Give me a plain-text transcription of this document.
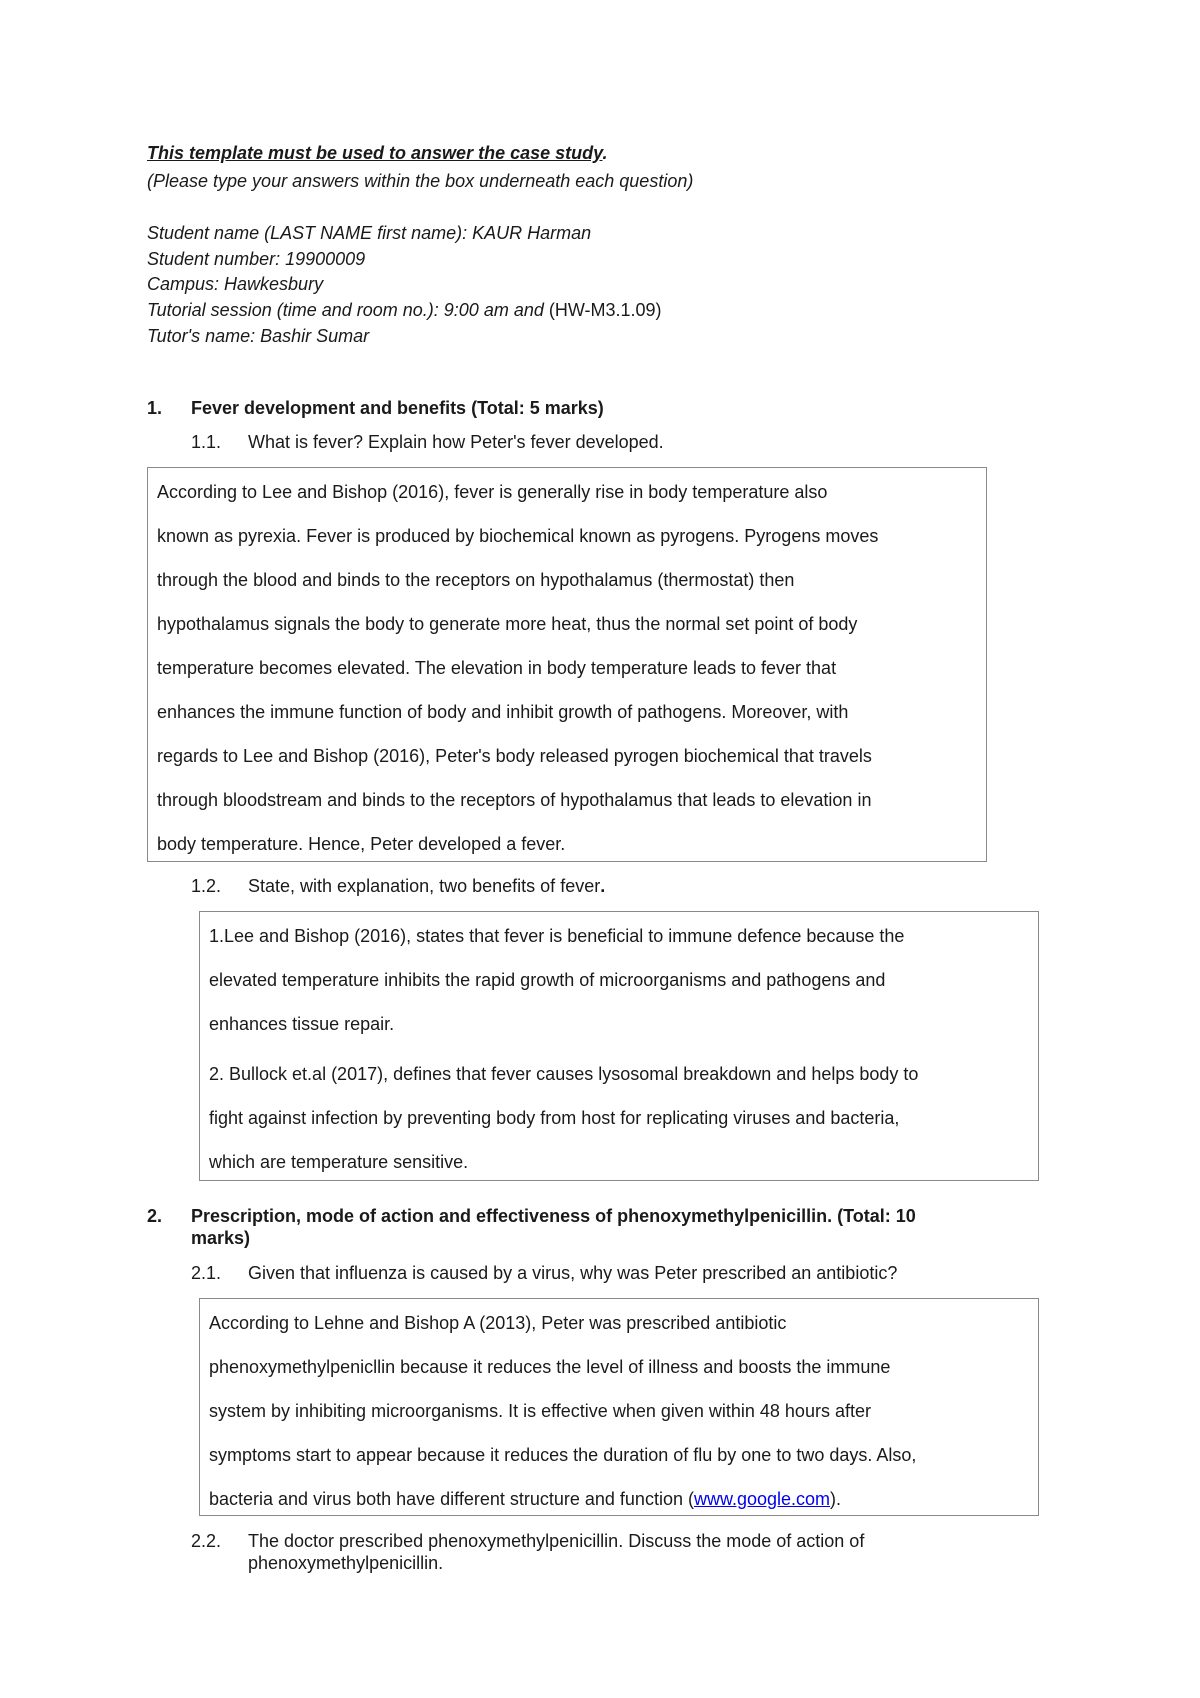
This template must be used to answer the case study.
(Please type your answers within the box underneath each question)
Student name (LAST NAME first name): KAUR Harman
Student number: 19900009
Campus: Hawkesbury
Tutorial session (time and room no.): 9:00 am and (HW-M3.1.09)
Tutor's name: Bashir Sumar
1. Fever development and benefits (Total: 5 marks)
1.1. What is fever? Explain how Peter's fever developed.

According to Lee and Bishop (2016), fever is generally rise in body temperature also

known as pyrexia. Fever is produced by biochemical known as pyrogens. Pyrogens moves

through the blood and binds to the receptors on hypothalamus (thermostat) then

hypothalamus signals the body to generate more heat, thus the normal set point of body

temperature becomes elevated. The elevation in body temperature leads to fever that

enhances the immune function of body and inhibit growth of pathogens. Moreover, with

regards to Lee and Bishop (2016), Peter's body released pyrogen biochemical that travels

through bloodstream and binds to the receptors of hypothalamus that leads to elevation in

body temperature. Hence, Peter developed a fever.

1.2. State, with explanation, two benefits of fever.

1.Lee and Bishop (2016), states that fever is beneficial to immune defence because the

elevated temperature inhibits the rapid growth of microorganisms and pathogens and

enhances tissue repair.

2. Bullock et.al (2017), defines that fever causes lysosomal breakdown and helps body to

fight against infection by preventing body from host for replicating viruses and bacteria,

which are temperature sensitive.

2. Prescription, mode of action and effectiveness of phenoxymethylpenicillin. (Total: 10
marks)
2.1. Given that influenza is caused by a virus, why was Peter prescribed an antibiotic?

According to Lehne and Bishop A (2013), Peter was prescribed antibiotic

phenoxymethylpenicllin because it reduces the level of illness and boosts the immune

system by inhibiting microorganisms. It is effective when given within 48 hours after

symptoms start to appear because it reduces the duration of flu by one to two days. Also,

bacteria and virus both have different structure and function (www.google.com).

2.2. The doctor prescribed phenoxymethylpenicillin. Discuss the mode of action of
phenoxymethylpenicillin.
